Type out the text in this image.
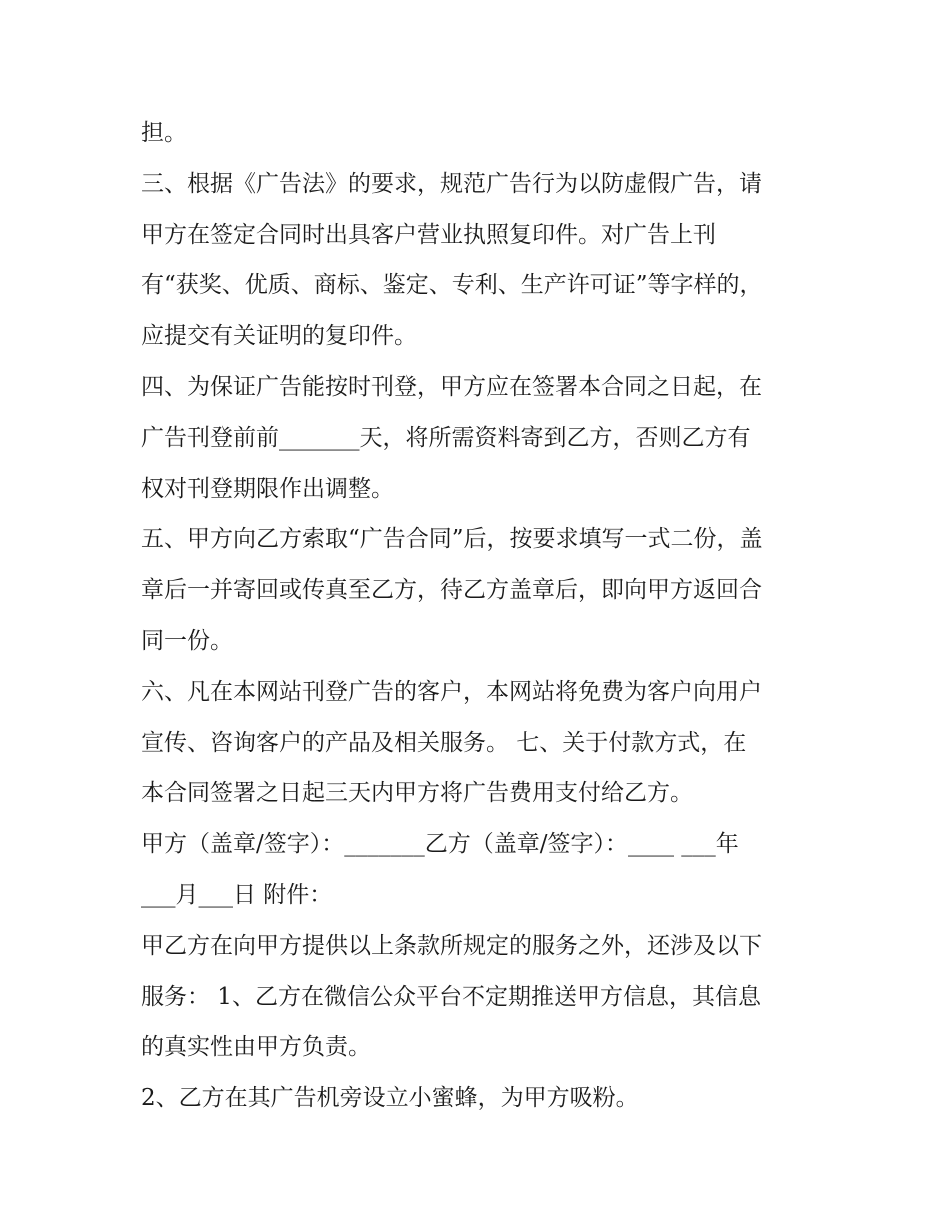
担。
三、根据《广告法》的要求，规范广告行为以防虚假广告，请
甲方在签定合同时出具客户营业执照复印件。对广告上刊
有“获奖、优质、商标、鉴定、专利、生产许可证”等字样的，
应提交有关证明的复印件。
四、为保证广告能按时刊登，甲方应在签署本合同之日起，在
广告刊登前前_______天，将所需资料寄到乙方，否则乙方有
权对刊登期限作出调整。
五、甲方向乙方索取“广告合同”后，按要求填写一式二份，盖
章后一并寄回或传真至乙方，待乙方盖章后，即向甲方返回合
同一份。
六、凡在本网站刊登广告的客户，本网站将免费为客户向用户
宣传、咨询客户的产品及相关服务。 七、关于付款方式，在
本合同签署之日起三天内甲方将广告费用支付给乙方。
甲方（盖章/签字）：_______乙方（盖章/签字）：____ ___年
___月___日 附件：
甲乙方在向甲方提供以上条款所规定的服务之外，还涉及以下
服务： 1、乙方在微信公众平台不定期推送甲方信息，其信息
的真实性由甲方负责。
2、乙方在其广告机旁设立小蜜蜂，为甲方吸粉。
